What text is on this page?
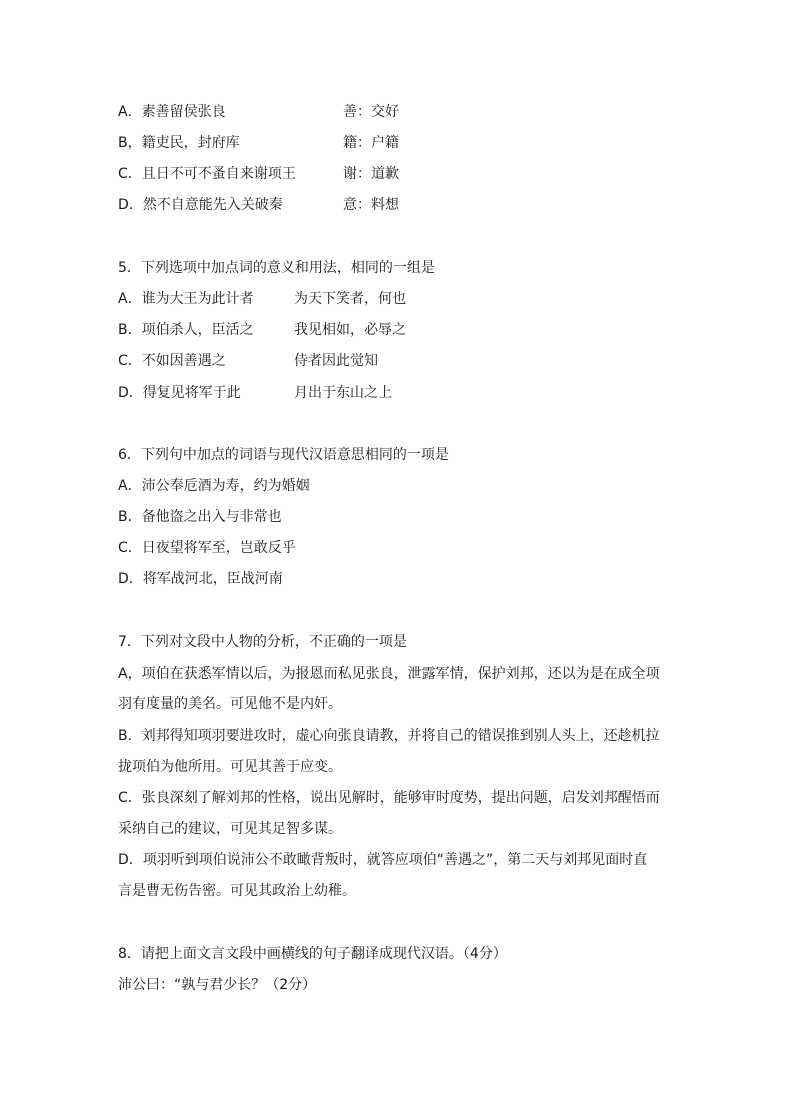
A．素善留侯张良	善：交好
B，籍吏民，封府库	籍：户籍
C．且日不可不蚤自来谢项王	谢：道歉
D．然不自意能先入关破秦	意：料想
5．下列选项中加点词的意义和用法，相同的一组是
A．谁为大王为此计者	为天下笑者，何也
B．项伯杀人，臣活之	我见相如，必辱之
C．不如因善遇之	侍者因此觉知
D．得复见将军于此	月出于东山之上
6．下列句中加点的词语与现代汉语意思相同的一项是
A．沛公奉卮酒为寿，约为婚姻
B．备他盗之出入与非常也
C．日夜望将军至，岂敢反乎
D．将军战河北，臣战河南
7．下列对文段中人物的分析，不正确的一项是
A，项伯在获悉军情以后，为报恩而私见张良，泄露军情，保护刘邦，还以为是在成全项
羽有度量的美名。可见他不是内奸。
B．刘邦得知项羽要进攻时，虚心向张良请教，并将自己的错误推到别人头上，还趁机拉
拢项伯为他所用。可见其善于应变。
C．张良深刻了解刘邦的性格，说出见解时，能够审时度势，提出问题，启发刘邦醒悟而
采纳自己的建议，可见其足智多谋。
D．项羽听到项伯说沛公不敢瞰背叛时，就答应项伯“善遇之”，第二天与刘邦见面时直
言是曹无伤告密。可见其政治上幼稚。
8．请把上面文言文段中画横线的句子翻译成现代汉语。（4分）
沛公曰：“孰与君少长？（2分）
